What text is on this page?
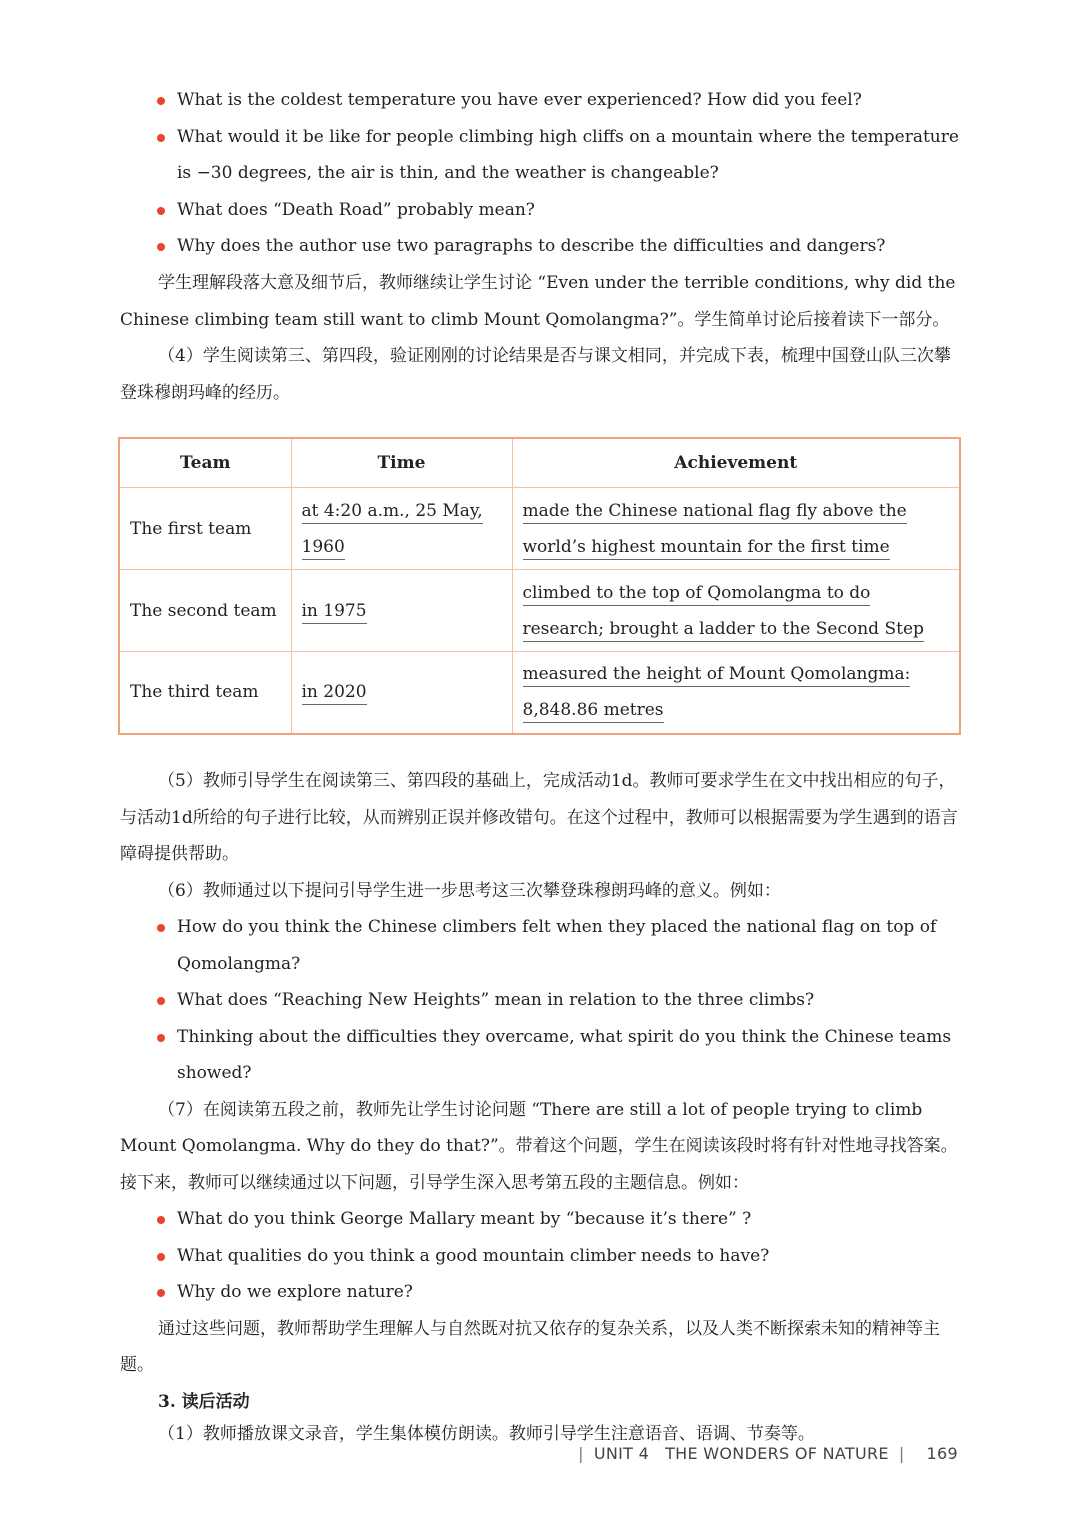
What is the coldest temperature you have ever experienced? How did you feel?
What would it be like for people climbing high cliffs on a mountain where the temperature is −30 degrees, the air is thin, and the weather is changeable?
What does “Death Road” probably mean?
Why does the author use two paragraphs to describe the difficulties and dangers?

学生理解段落大意及细节后，教师继续让学生讨论 “Even under the terrible conditions, why did the Chinese climbing team still want to climb Mount Qomolangma?”。学生简单讨论后接着读下一部分。

（4）学生阅读第三、第四段，验证刚刚的讨论结果是否与课文相同，并完成下表，梳理中国登山队三次攀登珠穆朗玛峰的经历。

Team	Time	Achievement
The first team	at 4:20 a.m., 25 May, 1960	made the Chinese national flag fly above the world’s highest mountain for the first time
The second team	in 1975	climbed to the top of Qomolangma to do research; brought a ladder to the Second Step
The third team	in 2020	measured the height of Mount Qomolangma: 8,848.86 metres

（5）教师引导学生在阅读第三、第四段的基础上，完成活动1d。教师可要求学生在文中找出相应的句子，与活动1d所给的句子进行比较，从而辨别正误并修改错句。在这个过程中，教师可以根据需要为学生遇到的语言障碍提供帮助。

（6）教师通过以下提问引导学生进一步思考这三次攀登珠穆朗玛峰的意义。例如：

How do you think the Chinese climbers felt when they placed the national flag on top of Qomolangma?
What does “Reaching New Heights” mean in relation to the three climbs?
Thinking about the difficulties they overcame, what spirit do you think the Chinese teams showed?

（7）在阅读第五段之前，教师先让学生讨论问题 “There are still a lot of people trying to climb Mount Qomolangma. Why do they do that?”。带着这个问题，学生在阅读该段时将有针对性地寻找答案。接下来，教师可以继续通过以下问题，引导学生深入思考第五段的主题信息。例如：

What do you think George Mallary meant by “because it’s there” ?
What qualities do you think a good mountain climber needs to have?
Why do we explore nature?

通过这些问题，教师帮助学生理解人与自然既对抗又依存的复杂关系，以及人类不断探索未知的精神等主题。

3. 读后活动

（1）教师播放课文录音，学生集体模仿朗读。教师引导学生注意语音、语调、节奏等。

| UNIT 4 THE WONDERS OF NATURE | 169
